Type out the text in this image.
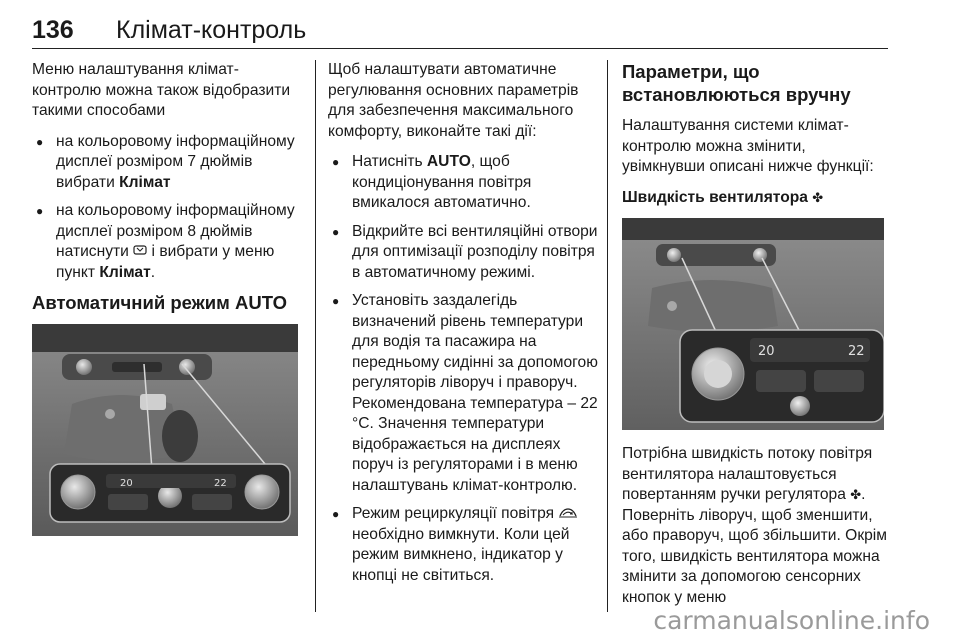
136 Клімат-контроль

Меню налаштування клімат-контролю можна також відобразити такими способами

● на кольоровому інформаційному дисплеї розміром 7 дюймів вибрати Клімат
● на кольоровому інформаційному дисплеї розміром 8 дюймів натиснути  і вибрати у меню пункт Клімат.
Автоматичний режим AUTO
20	22

Щоб налаштувати автоматичне регулювання основних параметрів для забезпечення максимального комфорту, виконайте такі дії:

● Натисніть AUTO, щоб кондиціонування повітря вмикалося автоматично.
● Відкрийте всі вентиляційні отвори для оптимізації розподілу повітря в автоматичному режимі.
● Установіть заздалегідь визначений рівень температури для водія та пасажира на передньому сидінні за допомогою регуляторів ліворуч і праворуч. Рекомендована температура – 22 °C. Значення температури відображається на дисплеях поруч із регуляторами і в меню налаштувань клімат-контролю.
● Режим рециркуляції повітря  необхідно вимкнути. Коли цей режим вимкнено, індикатор у кнопці не світиться.
Параметри, що встановлюються вручну

Налаштування системи клімат-контролю можна змінити, увімкнувши описані нижче функції:

Швидкість вентилятора ✤
20	22

Потрібна швидкість потоку повітря вентилятора налаштовується повертанням ручки регулятора ✤. Поверніть ліворуч, щоб зменшити, або праворуч, щоб збільшити. Окрім того, швидкість вентилятора можна змінити за допомогою сенсорних кнопок у меню

carmanualsonline.info
